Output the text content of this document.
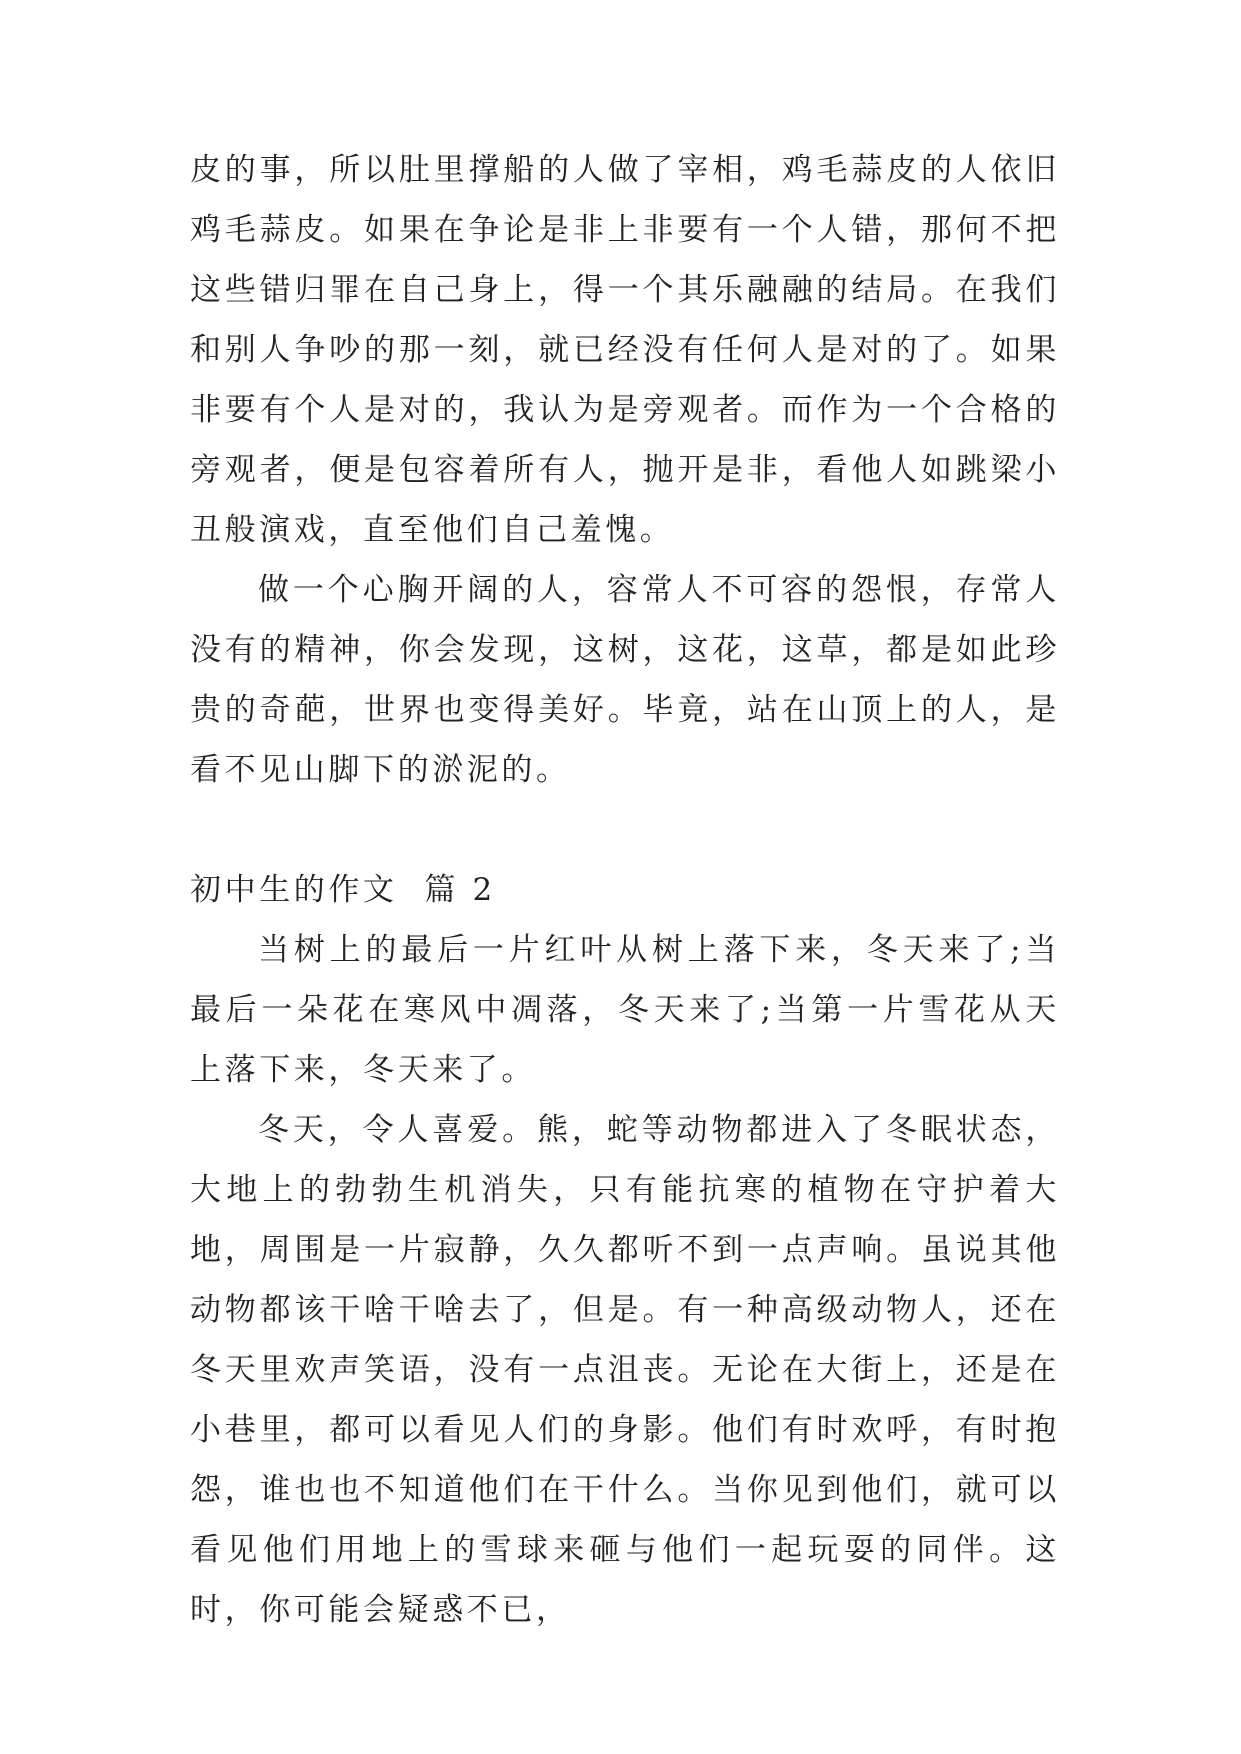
皮的事，所以肚里撑船的人做了宰相，鸡毛蒜皮的人依旧鸡毛蒜皮。如果在争论是非上非要有一个人错，那何不把这些错归罪在自己身上，得一个其乐融融的结局。在我们和别人争吵的那一刻，就已经没有任何人是对的了。如果非要有个人是对的，我认为是旁观者。而作为一个合格的旁观者，便是包容着所有人，抛开是非，看他人如跳梁小丑般演戏，直至他们自己羞愧。

做一个心胸开阔的人，容常人不可容的怨恨，存常人没有的精神，你会发现，这树，这花，这草，都是如此珍贵的奇葩，世界也变得美好。毕竟，站在山顶上的人，是看不见山脚下的淤泥的。

初中生的作文  篇 2

当树上的最后一片红叶从树上落下来，冬天来了;当最后一朵花在寒风中凋落，冬天来了;当第一片雪花从天上落下来，冬天来了。

冬天，令人喜爱。熊，蛇等动物都进入了冬眠状态，大地上的勃勃生机消失，只有能抗寒的植物在守护着大地，周围是一片寂静，久久都听不到一点声响。虽说其他动物都该干啥干啥去了，但是。有一种高级动物人，还在冬天里欢声笑语，没有一点沮丧。无论在大街上，还是在小巷里，都可以看见人们的身影。他们有时欢呼，有时抱怨，谁也也不知道他们在干什么。当你见到他们，就可以看见他们用地上的雪球来砸与他们一起玩耍的同伴。这时，你可能会疑惑不已，
